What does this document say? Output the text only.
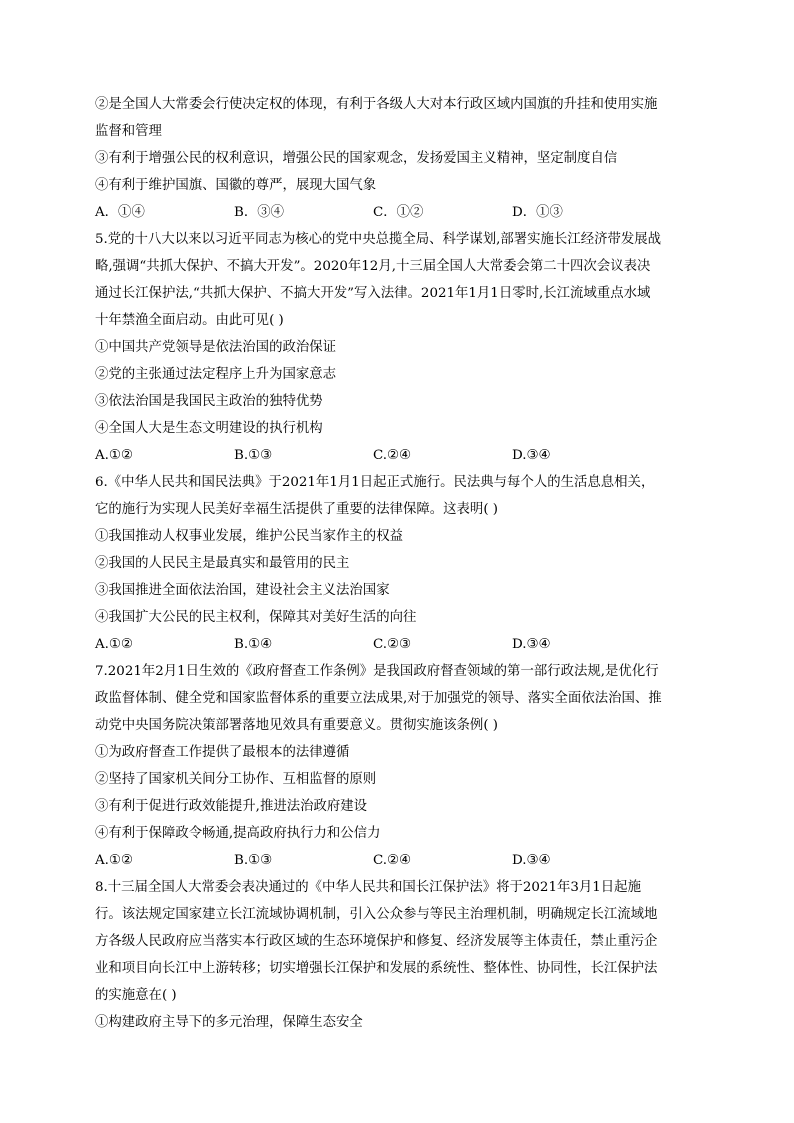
②是全国人大常委会行使决定权的体现，有利于各级人大对本行政区域内国旗的升挂和使用实施
监督和管理
③有利于增强公民的权利意识，增强公民的国家观念，发扬爱国主义精神，坚定制度自信
④有利于维护国旗、国徽的尊严，展现大国气象
A．①④	B．③④	C．①②	D．①③
5.党的十八大以来以习近平同志为核心的党中央总揽全局、科学谋划,部署实施长江经济带发展战
略,强调“共抓大保护、不搞大开发”。2020年12月,十三届全国人大常委会第二十四次会议表决
通过长江保护法,“共抓大保护、不搞大开发”写入法律。2021年1月1日零时,长江流域重点水域
十年禁渔全面启动。由此可见( )
①中国共产党领导是依法治国的政治保证
②党的主张通过法定程序上升为国家意志
③依法治国是我国民主政治的独特优势
④全国人大是生态文明建设的执行机构
A.①②	B.①③	C.②④	D.③④
6.《中华人民共和国民法典》于2021年1月1日起正式施行。民法典与每个人的生活息息相关，
它的施行为实现人民美好幸福生活提供了重要的法律保障。这表明( )
①我国推动人权事业发展，维护公民当家作主的权益
②我国的人民民主是最真实和最管用的民主
③我国推进全面依法治国，建设社会主义法治国家
④我国扩大公民的民主权利，保障其对美好生活的向往
A.①②	B.①④	C.②③	D.③④
7.2021年2月1日生效的《政府督查工作条例》是我国政府督查领域的第一部行政法规,是优化行
政监督体制、健全党和国家监督体系的重要立法成果,对于加强党的领导、落实全面依法治国、推
动党中央国务院决策部署落地见效具有重要意义。贯彻实施该条例( )
①为政府督查工作提供了最根本的法律遵循
②坚持了国家机关间分工协作、互相监督的原则
③有利于促进行政效能提升,推进法治政府建设
④有利于保障政令畅通,提高政府执行力和公信力
A.①②	B.①③	C.②④	D.③④
8.十三届全国人大常委会表决通过的《中华人民共和国长江保护法》将于2021年3月1日起施
行。该法规定国家建立长江流域协调机制，引入公众参与等民主治理机制，明确规定长江流域地
方各级人民政府应当落实本行政区域的生态环境保护和修复、经济发展等主体责任，禁止重污企
业和项目向长江中上游转移；切实增强长江保护和发展的系统性、整体性、协同性，长江保护法
的实施意在( )
①构建政府主导下的多元治理，保障生态安全
